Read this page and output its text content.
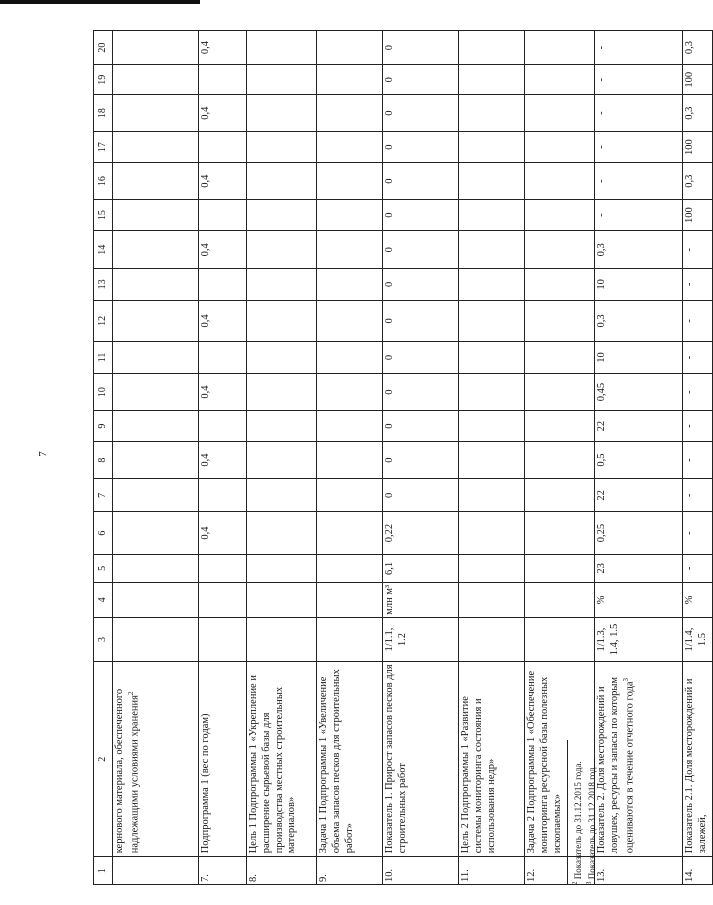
7
1	2	3	4	5	6	7	8	9	10	11	12	13	14	15	16	17	18	19	20
	кернового материала, обеспеченного надлежащими условиями хранения$^2$																		
7.	Подпрограмма 1 (вес по годам)				0,4		0,4		0,4		0,4		0,4		0,4		0,4		0,4
8.	Цель 1 Подпрограммы 1 «Укрепление и расширение сырьевой базы для производства местных строительных материалов»																		
9.	Задача 1 Подпрограммы 1 «Увеличение объема запасов песков для строительных работ»																		
10.	Показатель 1. Прирост запасов песков для строительных работ	1/1.1, 1.2	млн м³	6,1	0,22	0	0	0	0	0	0	0	0	0	0	0	0	0	0
11.	Цель 2 Подпрограммы 1 «Развитие системы мониторинга состояния и использования недр»																		
12.	Задача 2 Подпрограммы 1 «Обеспечение мониторинга ресурсной базы полезных ископаемых»																		
13.	Показатель 2. Доля месторождений и ловушек, ресурсы и запасы по которым оцениваются в течение отчетного года$^3$	1/1.3, 1.4, 1.5	%	23	0,25	22	0,5	22	0,45	10	0,3	10	0,3	-	-	-	-	-	-
14.	Показатель 2.1. Доля месторождений и залежей,	1/1.4, 1.5	%	-	-	-	-	-	-	-	-	-	-	100	0,3	100	0,3	100	0,3
$^2$ Показатель до 31.12.2015 года.
$^3$ Показатель до 31.12.2018 год.
